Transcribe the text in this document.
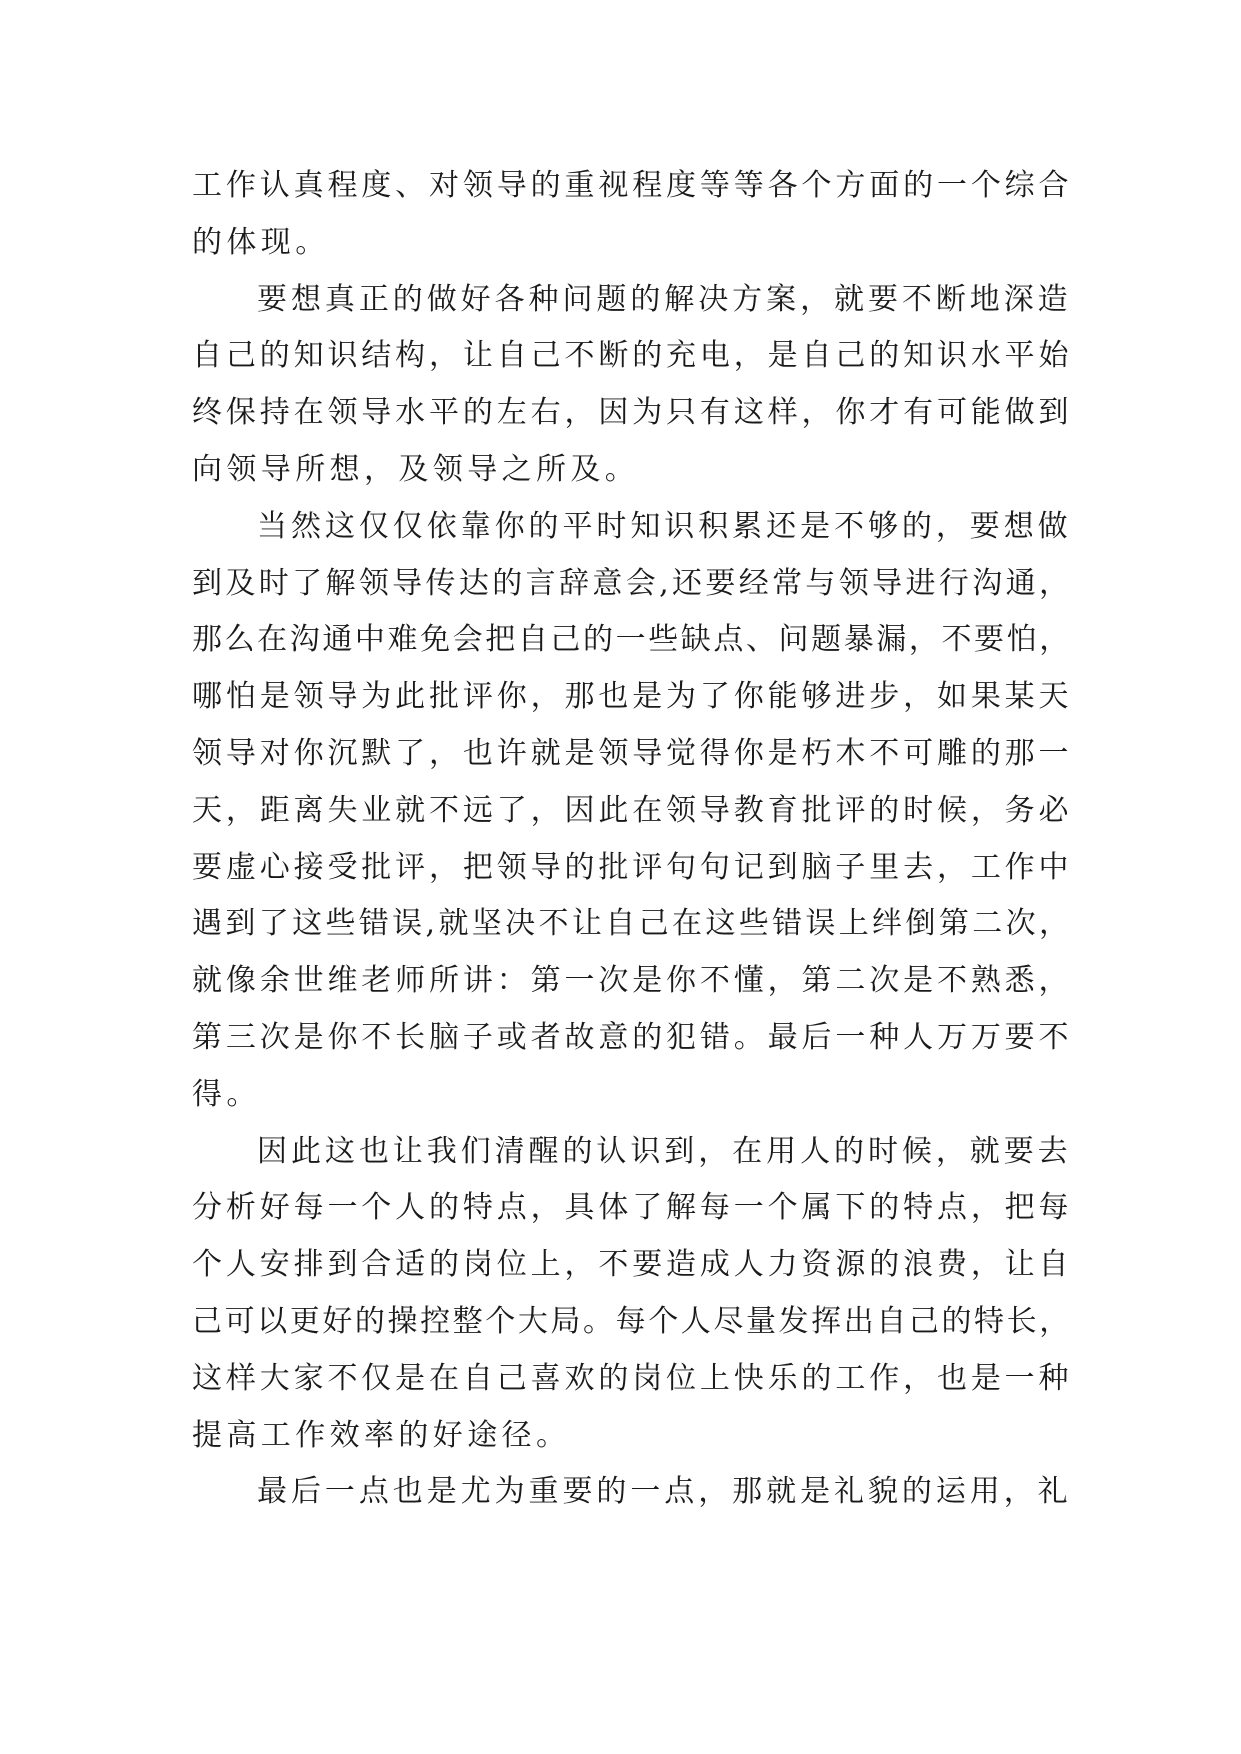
工作认真程度、对领导的重视程度等等各个方面的一个综合
的体现。
要想真正的做好各种问题的解决方案，就要不断地深造
自己的知识结构，让自己不断的充电，是自己的知识水平始
终保持在领导水平的左右，因为只有这样，你才有可能做到
向领导所想，及领导之所及。
当然这仅仅依靠你的平时知识积累还是不够的，要想做
到及时了解领导传达的言辞意会,还要经常与领导进行沟通，
那么在沟通中难免会把自己的一些缺点、问题暴漏，不要怕，
哪怕是领导为此批评你，那也是为了你能够进步，如果某天
领导对你沉默了，也许就是领导觉得你是朽木不可雕的那一
天，距离失业就不远了，因此在领导教育批评的时候，务必
要虚心接受批评，把领导的批评句句记到脑子里去，工作中
遇到了这些错误,就坚决不让自己在这些错误上绊倒第二次，
就像余世维老师所讲：第一次是你不懂，第二次是不熟悉，
第三次是你不长脑子或者故意的犯错。最后一种人万万要不
得。
因此这也让我们清醒的认识到，在用人的时候，就要去
分析好每一个人的特点，具体了解每一个属下的特点，把每
个人安排到合适的岗位上，不要造成人力资源的浪费，让自
己可以更好的操控整个大局。每个人尽量发挥出自己的特长，
这样大家不仅是在自己喜欢的岗位上快乐的工作，也是一种
提高工作效率的好途径。
最后一点也是尤为重要的一点，那就是礼貌的运用，礼
